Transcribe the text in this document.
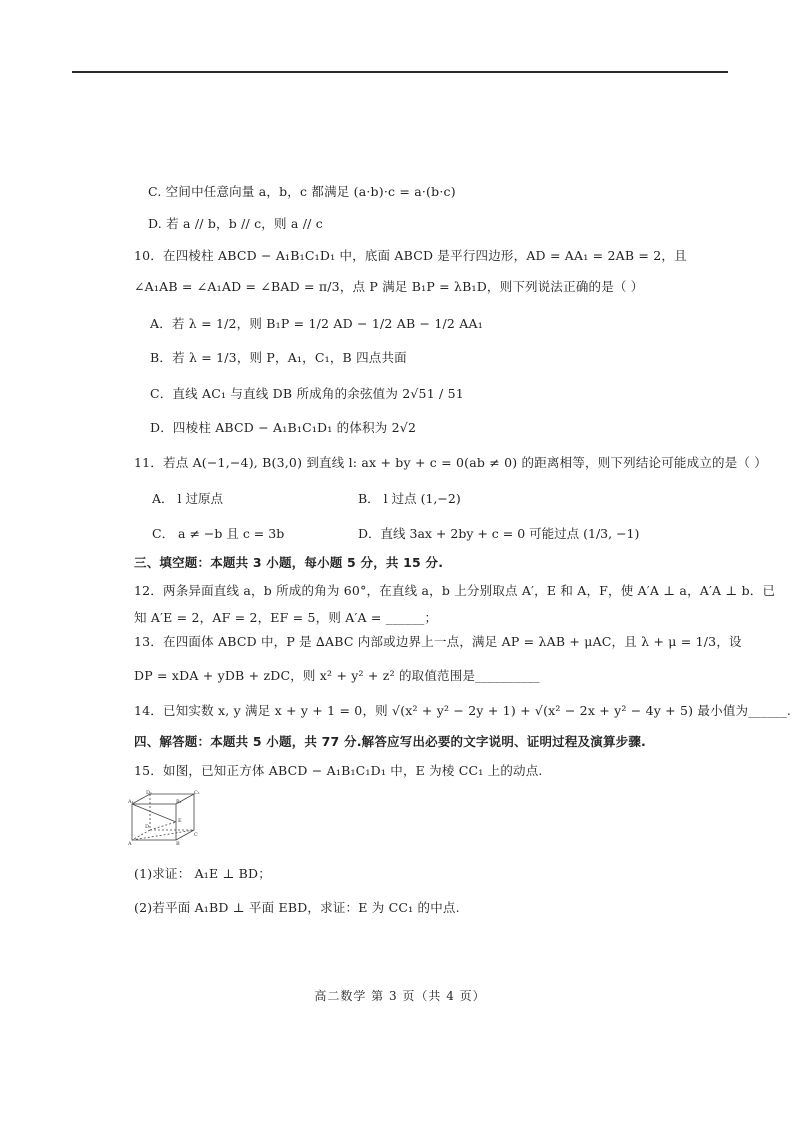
C. 空间中任意向量 a，b，c 都满足 (a·b)·c = a·(b·c)
D. 若 a // b，b // c，则 a // c
10．在四棱柱 ABCD − A₁B₁C₁D₁ 中，底面 ABCD 是平行四边形，AD = AA₁ = 2AB = 2，且
∠A₁AB = ∠A₁AD = ∠BAD = π/3，点 P 满足 B₁P = λB₁D，则下列说法正确的是（ ）
A．若 λ = 1/2，则 B₁P = 1/2 AD − 1/2 AB − 1/2 AA₁
B．若 λ = 1/3，则 P，A₁，C₁，B 四点共面
C．直线 AC₁ 与直线 DB 所成角的余弦值为 2√51 / 51
D．四棱柱 ABCD − A₁B₁C₁D₁ 的体积为 2√2
11．若点 A(−1,−4), B(3,0) 到直线 l: ax + by + c = 0(ab ≠ 0) 的距离相等，则下列结论可能成立的是（ ）
A． l 过原点	B． l 过点 (1,−2)
C． a ≠ −b 且 c = 3b	D．直线 3ax + 2by + c = 0 可能过点 (1/3, −1)
三、填空题：本题共 3 小题，每小题 5 分，共 15 分.
12．两条异面直线 a，b 所成的角为 60°，在直线 a，b 上分别取点 A′，E 和 A，F，使 A′A ⊥ a，A′A ⊥ b．已
知 A′E = 2，AF = 2，EF = 5，则 A′A = ______；
13．在四面体 ABCD 中，P 是 ∆ABC 内部或边界上一点，满足 AP = λAB + μAC，且 λ + μ = 1/3，设
DP = xDA + yDB + zDC，则 x² + y² + z² 的取值范围是__________
14．已知实数 x, y 满足 x + y + 1 = 0，则 √(x² + y² − 2y + 1) + √(x² − 2x + y² − 4y + 5) 最小值为______.
四、解答题：本题共 5 小题，共 77 分.解答应写出必要的文字说明、证明过程及演算步骤.
15．如图，已知正方体 ABCD − A₁B₁C₁D₁ 中，E 为棱 CC₁ 上的动点.
A₁
D₁	C₁
B₁
A	B
C
D
E
(1)求证： A₁E ⊥ BD；
(2)若平面 A₁BD ⊥ 平面 EBD，求证：E 为 CC₁ 的中点.
高二数学 第 3 页（共 4 页）
